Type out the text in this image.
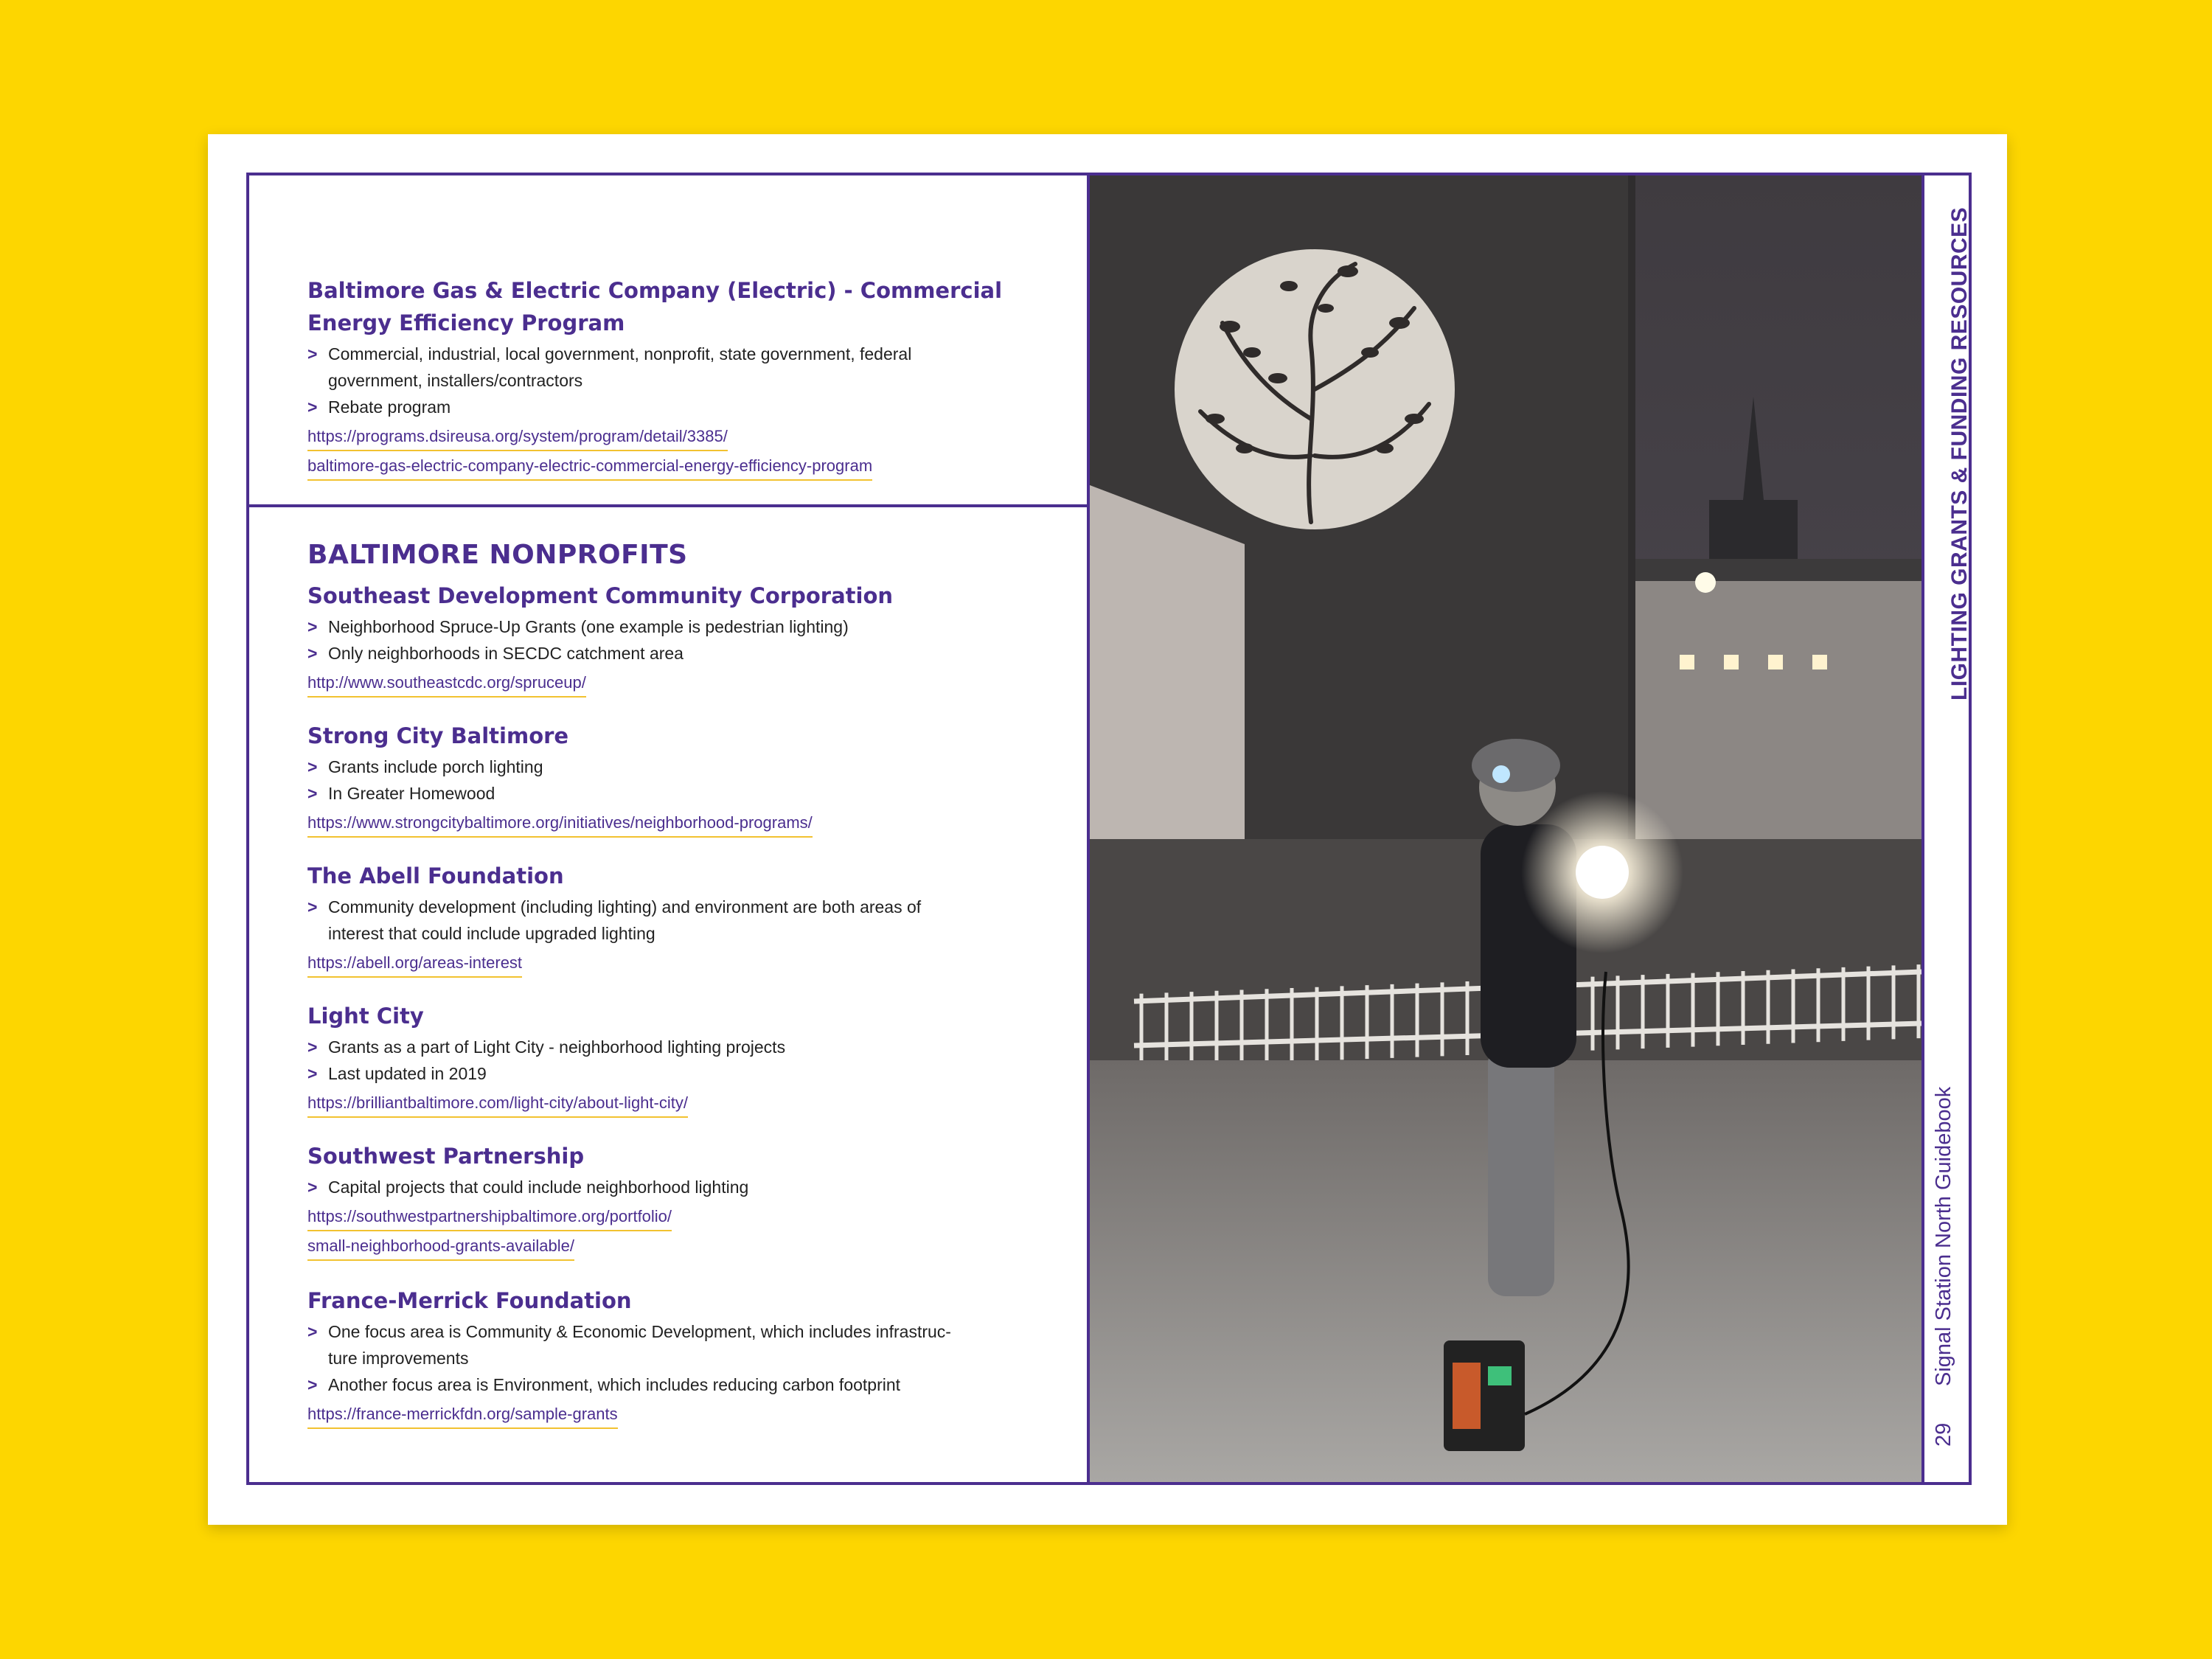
Baltimore Gas & Electric Company (Electric) - Commercial

Energy Efficiency Program

> Commercial, industrial, local government, nonprofit, state government, federal
government, installers/contractors
> Rebate program
https://programs.dsireusa.org/system/program/detail/3385/
baltimore-gas-electric-company-electric-commercial-energy-efficiency-program
BALTIMORE NONPROFITS

Southeast Development Community Corporation

> Neighborhood Spruce-Up Grants (one example is pedestrian lighting)
> Only neighborhoods in SECDC catchment area
http://www.southeastcdc.org/spruceup/

Strong City Baltimore

> Grants include porch lighting
> In Greater Homewood
https://www.strongcitybaltimore.org/initiatives/neighborhood-programs/

The Abell Foundation

> Community development (including lighting) and environment are both areas of
interest that could include upgraded lighting
https://abell.org/areas-interest

Light City

> Grants as a part of Light City - neighborhood lighting projects
> Last updated in 2019
https://brilliantbaltimore.com/light-city/about-light-city/

Southwest Partnership

> Capital projects that could include neighborhood lighting
https://southwestpartnershipbaltimore.org/portfolio/
small-neighborhood-grants-available/

France-Merrick Foundation

> One focus area is Community & Economic Development, which includes infrastruc-
ture improvements
> Another focus area is Environment, which includes reducing carbon footprint
https://france-merrickfdn.org/sample-grants
LIGHTING GRANTS & FUNDING RESOURCES
Signal Station North Guidebook
29
